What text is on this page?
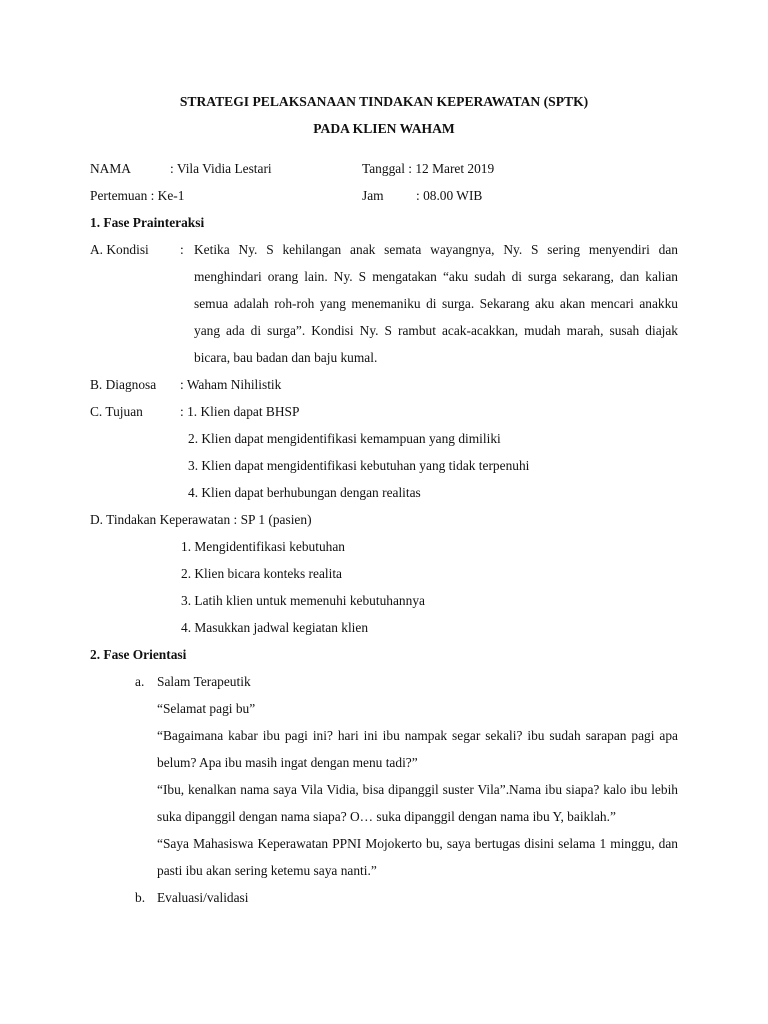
STRATEGI PELAKSANAAN TINDAKAN KEPERAWATAN (SPTK)
PADA KLIEN WAHAM
NAMA	: Vila Vidia Lestari	Tanggal : 12 Maret 2019
Pertemuan : Ke-1	Jam	: 08.00 WIB
1. Fase Prainteraksi
A. Kondisi	: Ketika Ny. S kehilangan anak semata wayangnya, Ny. S sering menyendiri dan menghindari orang lain. Ny. S mengatakan “aku sudah di surga sekarang, dan kalian semua adalah roh-roh yang menemaniku di surga. Sekarang aku akan mencari anakku yang ada di surga”. Kondisi Ny. S rambut acak-acakkan, mudah marah, susah diajak bicara, bau badan dan baju kumal.
B. Diagnosa	: Waham Nihilistik
C. Tujuan	: 1. Klien dapat BHSP
2. Klien dapat mengidentifikasi kemampuan yang dimiliki
3. Klien dapat mengidentifikasi kebutuhan yang tidak terpenuhi
4. Klien dapat berhubungan dengan realitas
D. Tindakan Keperawatan : SP 1 (pasien)
1. Mengidentifikasi kebutuhan
2. Klien bicara konteks realita
3. Latih klien untuk memenuhi kebutuhannya
4. Masukkan jadwal kegiatan klien
2. Fase Orientasi
a. Salam Terapeutik
“Selamat pagi bu”
“Bagaimana kabar ibu pagi ini? hari ini ibu nampak segar sekali? ibu sudah sarapan pagi apa belum? Apa ibu masih ingat dengan menu tadi?”
“Ibu, kenalkan nama saya Vila Vidia, bisa dipanggil suster Vila”.Nama ibu siapa? kalo ibu lebih suka dipanggil dengan nama siapa? O… suka dipanggil dengan nama ibu Y, baiklah.”
“Saya Mahasiswa Keperawatan PPNI Mojokerto bu, saya bertugas disini selama 1 minggu, dan pasti ibu akan sering ketemu saya nanti.”
b. Evaluasi/validasi
